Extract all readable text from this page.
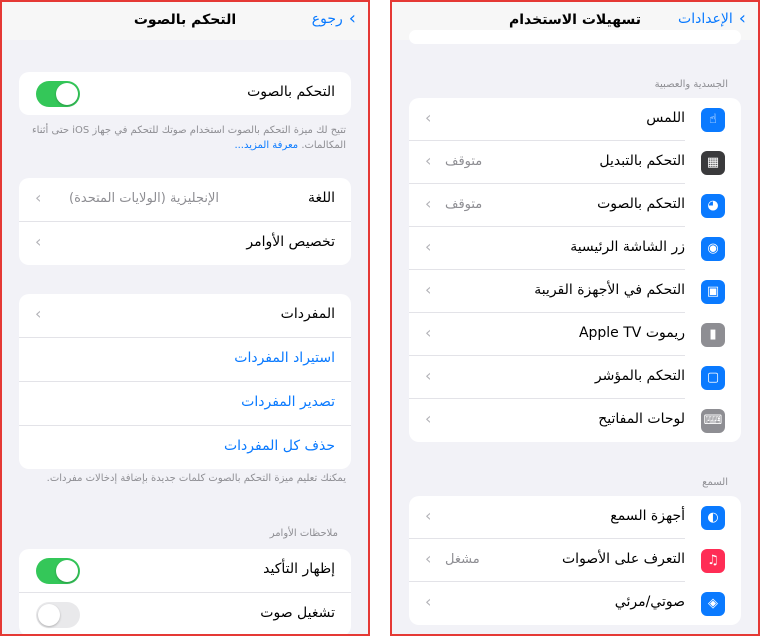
›
رجوع
التحكم بالصوت
التحكم بالصوت
تتيح لك ميزة التحكم بالصوت استخدام صوتك للتحكم في جهاز iOS حتى أثناء المكالمات. معرفة المزيد...
اللغة
الإنجليزية (الولايات المتحدة)
‹
تخصيص الأوامر
‹
المفردات
‹
استيراد المفردات
تصدير المفردات
حذف كل المفردات
يمكنك تعليم ميزة التحكم بالصوت كلمات جديدة بإضافة إدخالات مفردات.
ملاحظات الأوامر
إظهار التأكيد
تشغيل صوت
›
الإعدادات
تسهيلات الاستخدام
الجسدية والعصبية
☝
اللمس
‹
▦
التحكم بالتبديل
متوقف
‹
◕
التحكم بالصوت
متوقف
‹
◉
زر الشاشة الرئيسية
‹
▣
التحكم في الأجهزة القريبة
‹
▮
ريموت Apple TV
‹
▢
التحكم بالمؤشر
‹
⌨
لوحات المفاتيح
‹
السمع
◐
أجهزة السمع
‹
♫
التعرف على الأصوات
مشغل
‹
◈
صوتي/مرئي
‹
